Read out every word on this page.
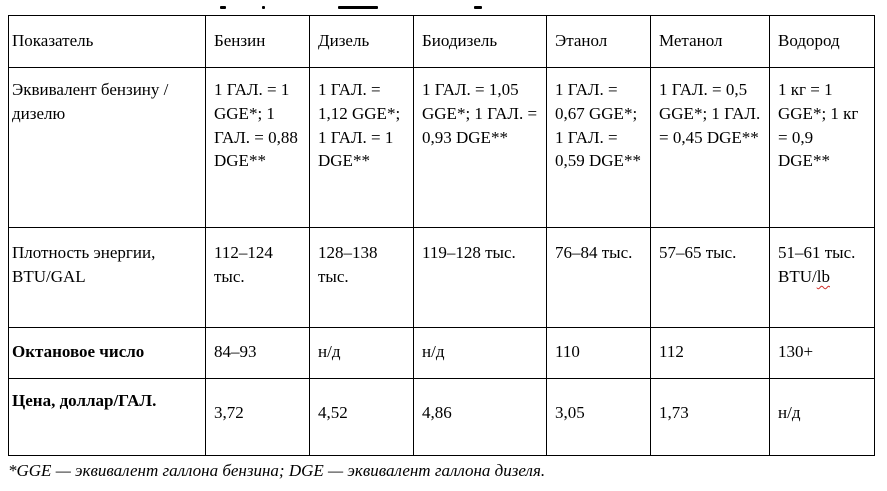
Показатель	Бензин	Дизель	Биодизель	Этанол	Метанол	Водород
Эквивалент бензину / дизелю	1 ГАЛ. = 1 GGE*; 1 ГАЛ. = 0,88 DGE**	1 ГАЛ. = 1,12 GGE*; 1 ГАЛ. = 1 DGE**	1 ГАЛ. = 1,05 GGE*; 1 ГАЛ. = 0,93 DGE**	1 ГАЛ. = 0,67 GGE*; 1 ГАЛ. = 0,59 DGE**	1 ГАЛ. = 0,5 GGE*; 1 ГАЛ. = 0,45 DGE**	1 кг = 1 GGE*; 1 кг = 0,9 DGE**
Плотность энергии, BTU/GAL	112–124 тыс.	128–138 тыс.	119–128 тыс.	76–84 тыс.	57–65 тыс.	51–61 тыс. BTU/lb
Октановое число	84–93	н/д	н/д	110	112	130+
Цена, доллар/ГАЛ.	3,72	4,52	4,86	3,05	1,73	н/д
*GGE — эквивалент галлона бензина; DGE — эквивалент галлона дизеля.
